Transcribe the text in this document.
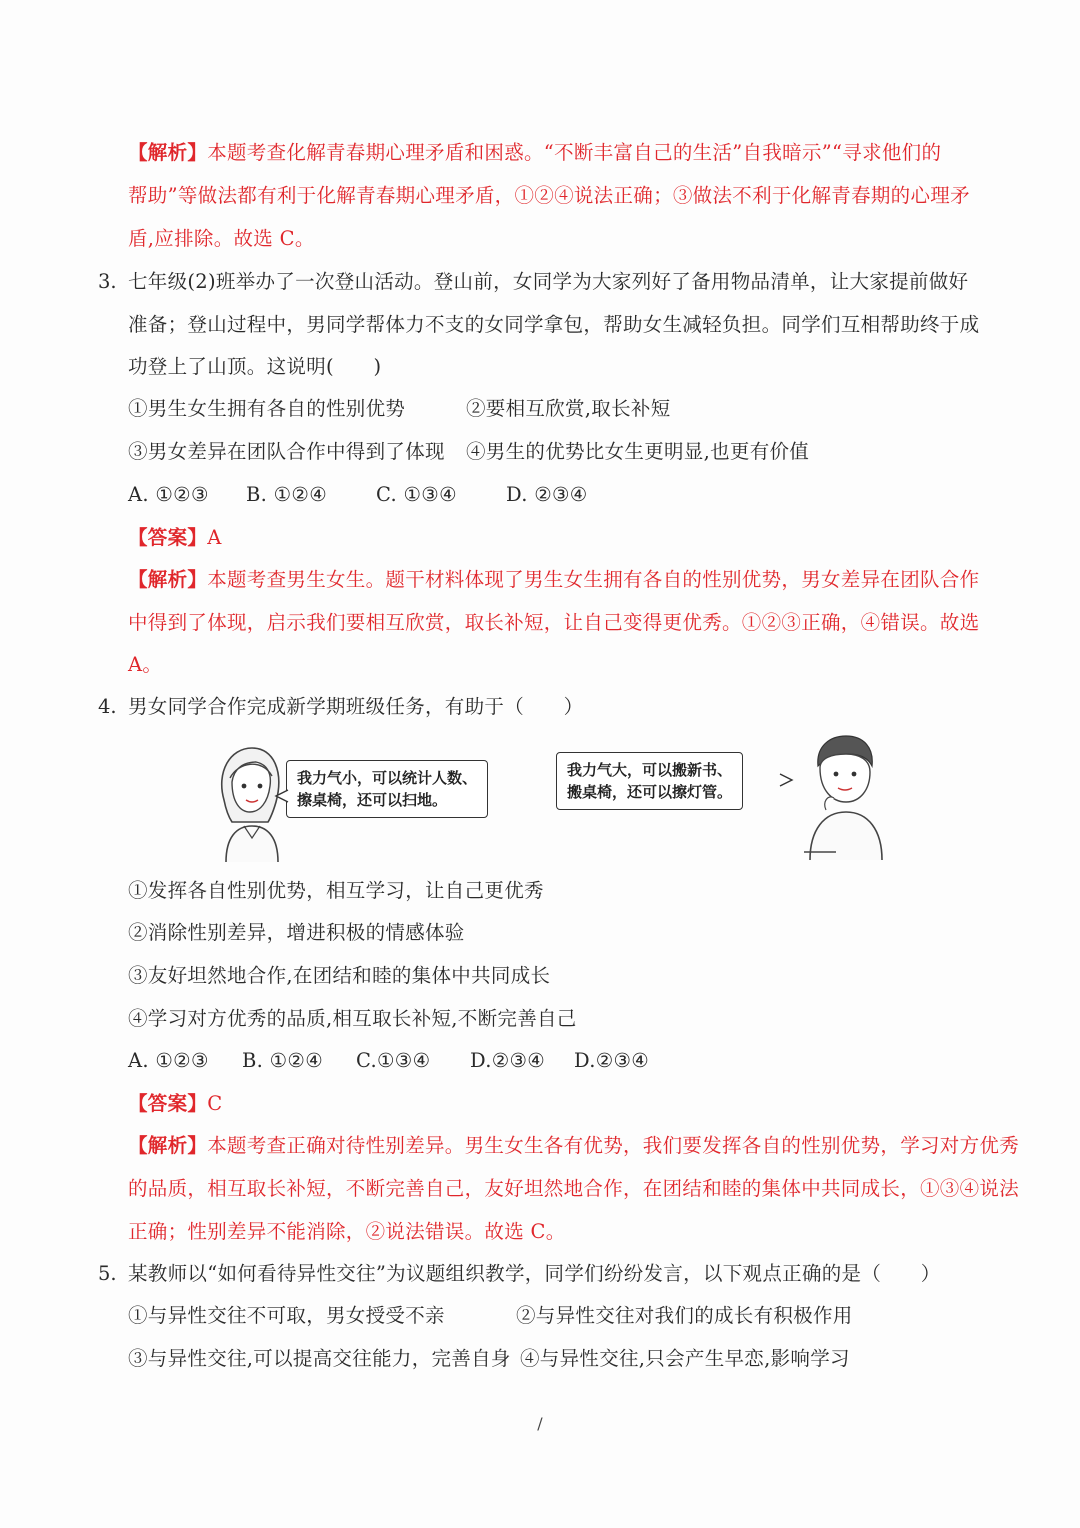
【解析】本题考查化解青春期心理矛盾和困惑。“不断丰富自己的生活”自我暗示”“寻求他们的
帮助”等做法都有利于化解青春期心理矛盾，①②④说法正确；③做法不利于化解青春期的心理矛
盾,应排除。故选 C。
3. 七年级(2)班举办了一次登山活动。登山前，女同学为大家列好了备用物品清单，让大家提前做好
准备；登山过程中，男同学帮体力不支的女同学拿包，帮助女生减轻负担。同学们互相帮助终于成
功登上了山顶。这说明(　　)
①男生女生拥有各自的性别优势	②要相互欣赏,取长补短
③男女差异在团队合作中得到了体现 ④男生的优势比女生更明显,也更有价值
A. ①②③ B. ①②④	C. ①③④	D. ②③④
【答案】A
【解析】本题考查男生女生。题干材料体现了男生女生拥有各自的性别优势，男女差异在团队合作
中得到了体现，启示我们要相互欣赏，取长补短，让自己变得更优秀。①②③正确，④错误。故选
A。
4. 男女同学合作完成新学期班级任务，有助于（　　）
我力气小，可以统计人数、
擦桌椅，还可以扫地。
我力气大，可以搬新书、
搬桌椅，还可以擦灯管。
①发挥各自性别优势，相互学习，让自己更优秀
②消除性别差异，增进积极的情感体验
③友好坦然地合作,在团结和睦的集体中共同成长
④学习对方优秀的品质,相互取长补短,不断完善自己
A. ①②③ B. ①②④ C.①③④ D.②③④ D.②③④
【答案】C
【解析】本题考查正确对待性别差异。男生女生各有优势，我们要发挥各自的性别优势，学习对方优秀
的品质，相互取长补短，不断完善自己，友好坦然地合作，在团结和睦的集体中共同成长，①③④说法
正确；性别差异不能消除，②说法错误。故选 C。
5. 某教师以“如何看待异性交往”为议题组织教学，同学们纷纷发言，以下观点正确的是（　　）
①与异性交往不可取，男女授受不亲	②与异性交往对我们的成长有积极作用
③与异性交往,可以提高交往能力，完善自身 ④与异性交往,只会产生早恋,影响学习
/
